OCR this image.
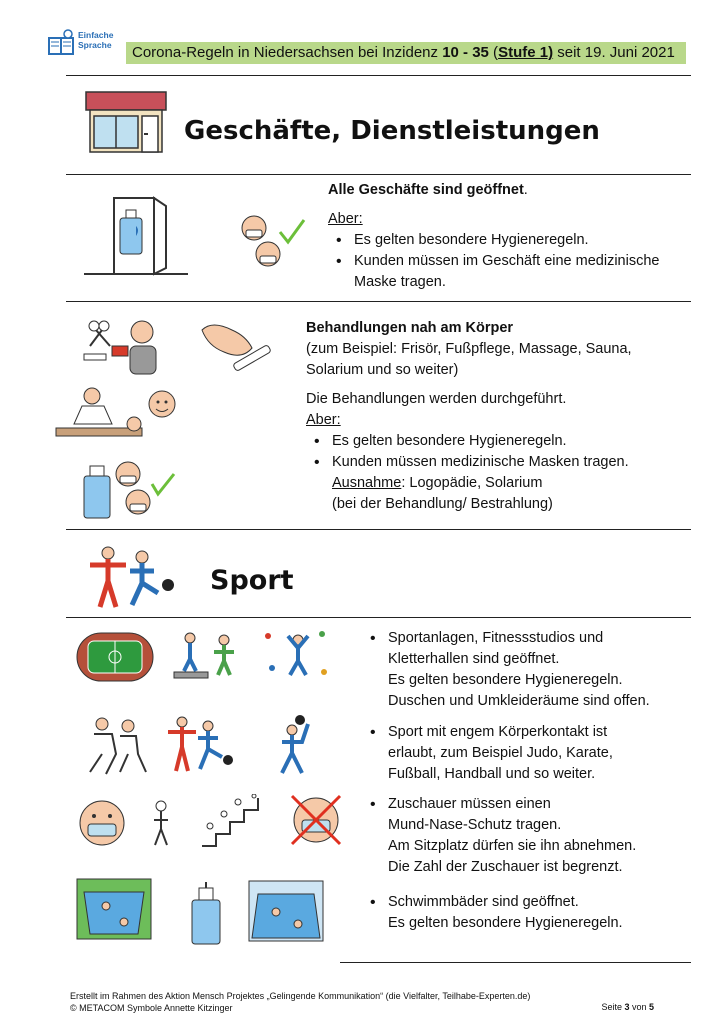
Einfache
Sprache	Corona-Regeln in Niedersachsen bei Inzidenz 10 - 35 (Stufe 1) seit 19. Juni 2021
Geschäfte, Dienstleistungen
Alle Geschäfte sind geöffnet.
Aber:
• Es gelten besondere Hygieneregeln.
• Kunden müssen im Geschäft eine medizinische
Maske tragen.
Behandlungen nah am Körper
(zum Beispiel: Frisör, Fußpflege, Massage, Sauna,
Solarium und so weiter)
Die Behandlungen werden durchgeführt.
Aber:
• Es gelten besondere Hygieneregeln.
• Kunden müssen medizinische Masken tragen.
Ausnahme: Logopädie, Solarium
(bei der Behandlung/ Bestrahlung)
Sport
• Sportanlagen, Fitnessstudios und
Kletterhallen sind geöffnet.
Es gelten besondere Hygieneregeln.
Duschen und Umkleideräume sind offen.
• Sport mit engem Körperkontakt ist
erlaubt, zum Beispiel Judo, Karate,
Fußball, Handball und so weiter.
• Zuschauer müssen einen
Mund-Nase-Schutz tragen.
Am Sitzplatz dürfen sie ihn abnehmen.
Die Zahl der Zuschauer ist begrenzt.
• Schwimmbäder sind geöffnet.
Es gelten besondere Hygieneregeln.
Erstellt im Rahmen des Aktion Mensch Projektes „Gelingende Kommunikation“ (die Vielfalter, Teilhabe-Experten.de)
© METACOM Symbole Annette Kitzinger	Seite 3 von 5
